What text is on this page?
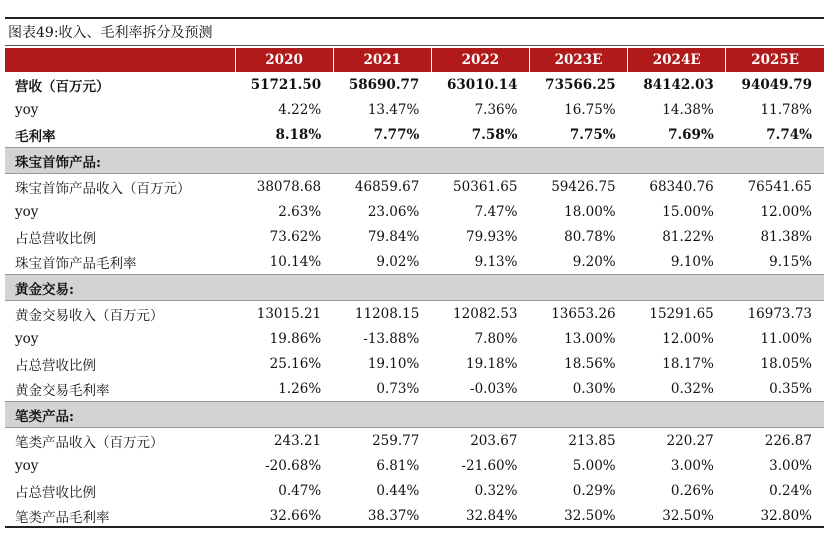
图表49:收入、毛利率拆分及预测
	2020	2021	2022	2023E	2024E	2025E
营收（百万元）	51721.50	58690.77	63010.14	73566.25	84142.03	94049.79
yoy	4.22%	13.47%	7.36%	16.75%	14.38%	11.78%
毛利率	8.18%	7.77%	7.58%	7.75%	7.69%	7.74%
珠宝首饰产品:						
珠宝首饰产品收入（百万元）	38078.68	46859.67	50361.65	59426.75	68340.76	76541.65
yoy	2.63%	23.06%	7.47%	18.00%	15.00%	12.00%
占总营收比例	73.62%	79.84%	79.93%	80.78%	81.22%	81.38%
珠宝首饰产品毛利率	10.14%	9.02%	9.13%	9.20%	9.10%	9.15%
黄金交易:						
黄金交易收入（百万元）	13015.21	11208.15	12082.53	13653.26	15291.65	16973.73
yoy	19.86%	-13.88%	7.80%	13.00%	12.00%	11.00%
占总营收比例	25.16%	19.10%	19.18%	18.56%	18.17%	18.05%
黄金交易毛利率	1.26%	0.73%	-0.03%	0.30%	0.32%	0.35%
笔类产品:						
笔类产品收入（百万元）	243.21	259.77	203.67	213.85	220.27	226.87
yoy	-20.68%	6.81%	-21.60%	5.00%	3.00%	3.00%
占总营收比例	0.47%	0.44%	0.32%	0.29%	0.26%	0.24%
笔类产品毛利率	32.66%	38.37%	32.84%	32.50%	32.50%	32.80%
